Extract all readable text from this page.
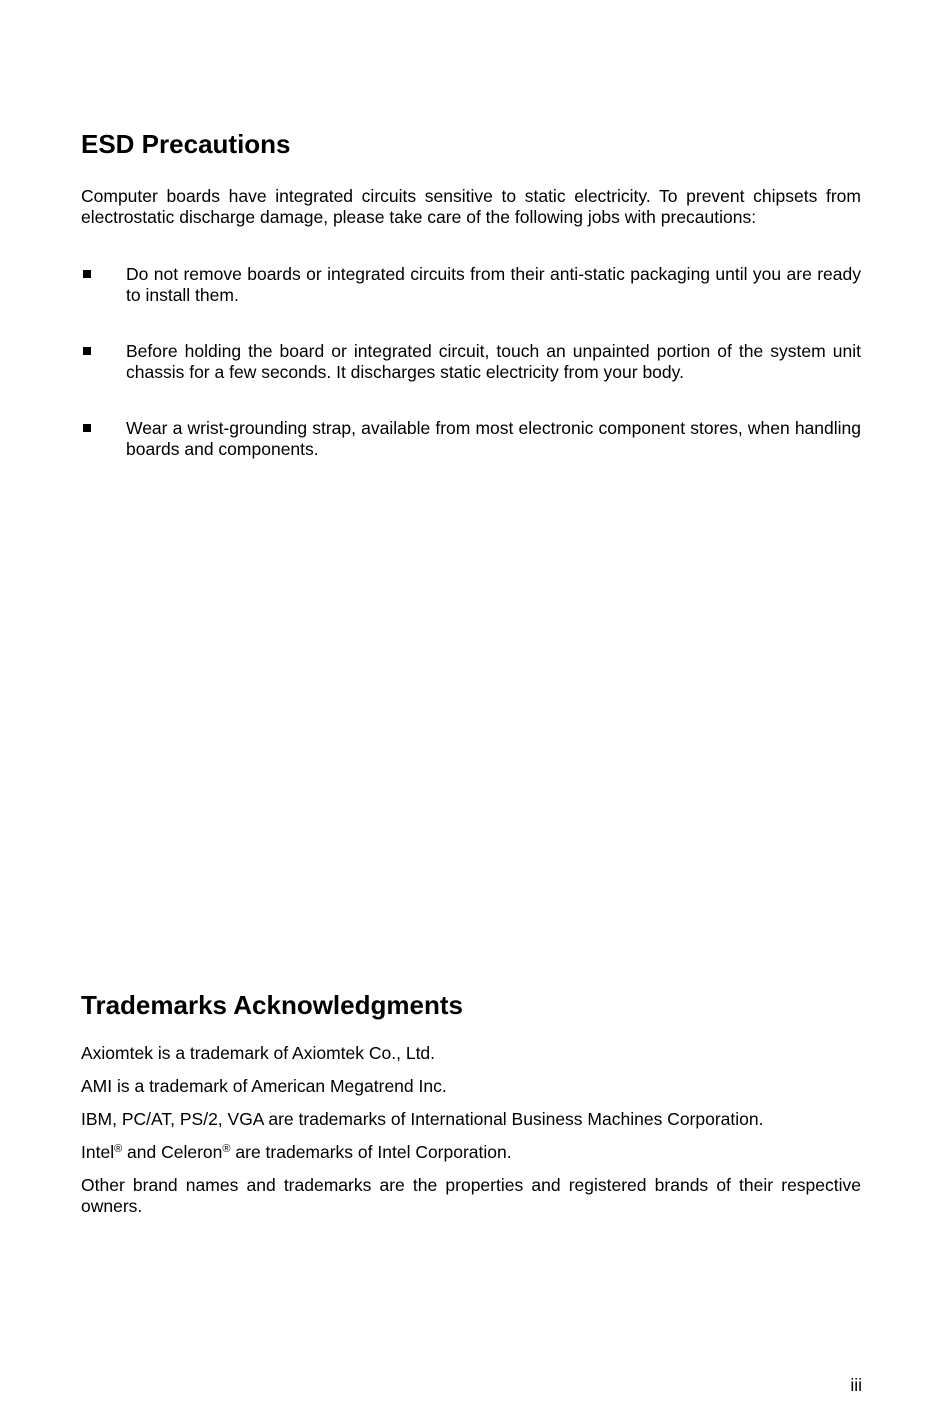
ESD Precautions

Computer boards have integrated circuits sensitive to static electricity. To prevent chipsets from electrostatic discharge damage, please take care of the following jobs with precautions:

Do not remove boards or integrated circuits from their anti-static packaging until you are ready to install them.

Before holding the board or integrated circuit, touch an unpainted portion of the system unit chassis for a few seconds. It discharges static electricity from your body.

Wear a wrist-grounding strap, available from most electronic component stores, when handling boards and components.

Trademarks Acknowledgments

Axiomtek is a trademark of Axiomtek Co., Ltd.

AMI is a trademark of American Megatrend Inc.

IBM, PC/AT, PS/2, VGA are trademarks of International Business Machines Corporation.

Intel® and Celeron® are trademarks of Intel Corporation.

Other brand names and trademarks are the properties and registered brands of their respective owners.

iii
